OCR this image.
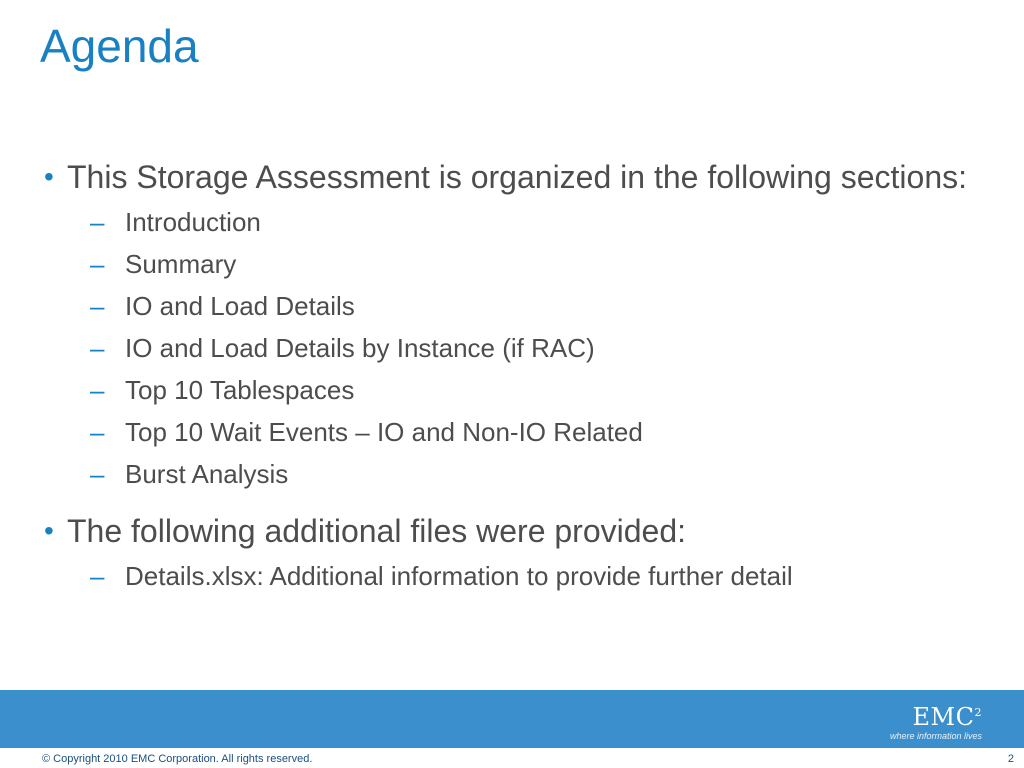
Agenda
• This Storage Assessment is organized in the following sections:
– Introduction
– Summary
– IO and Load Details
– IO and Load Details by Instance (if RAC)
– Top 10 Tablespaces
– Top 10 Wait Events – IO and Non-IO Related
– Burst Analysis
• The following additional files were provided:
– Details.xlsx: Additional information to provide further detail
EMC$^2$
where information lives
© Copyright 2010 EMC Corporation. All rights reserved.	2
